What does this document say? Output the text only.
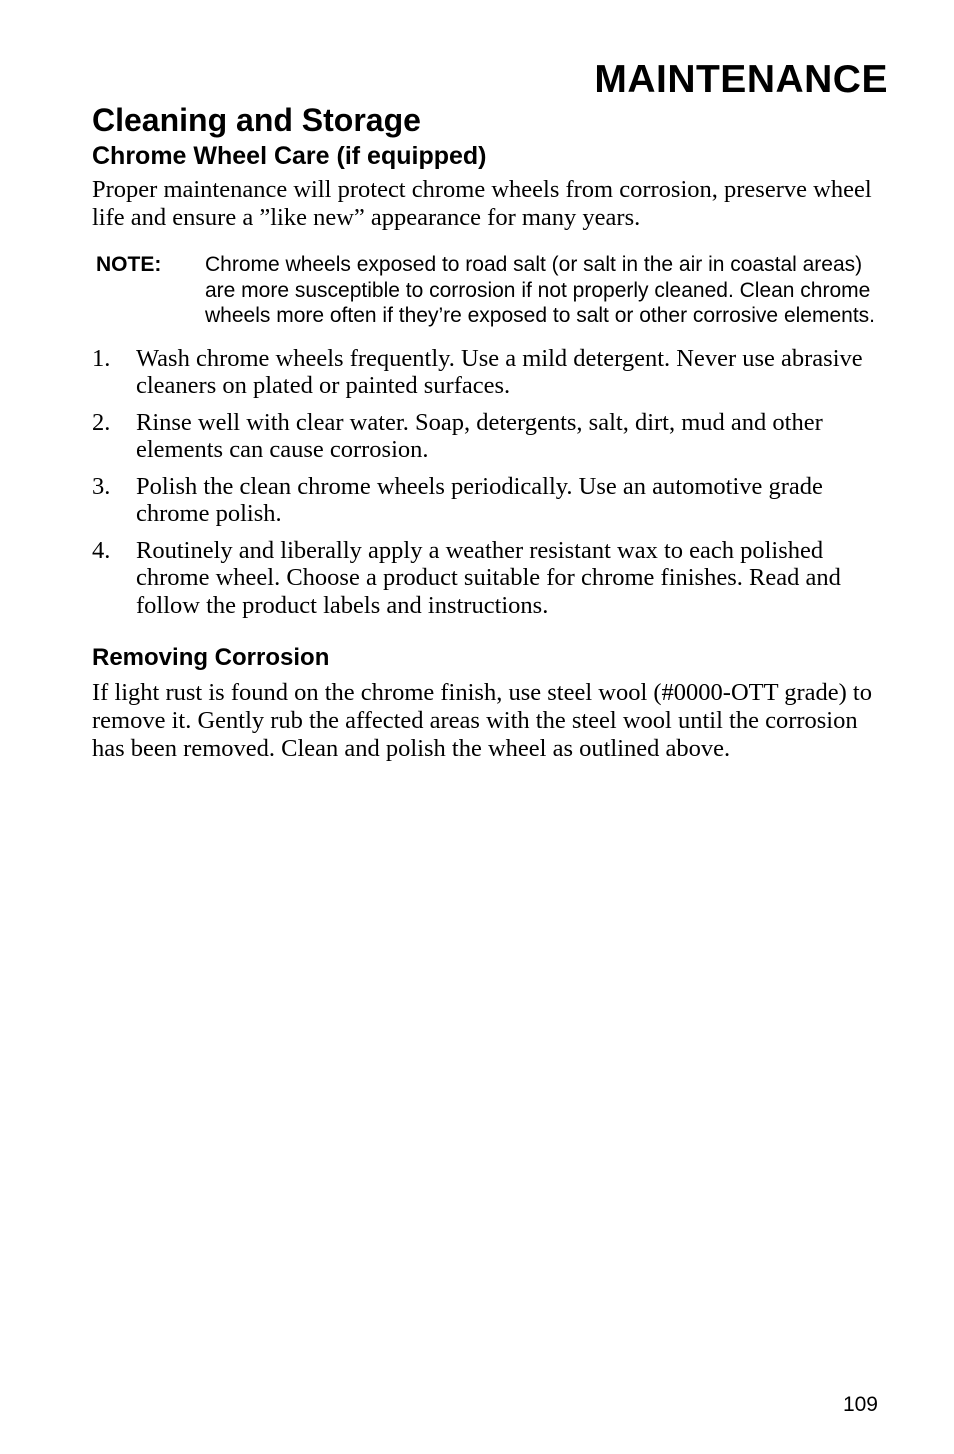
MAINTENANCE
Cleaning and Storage
Chrome Wheel Care (if equipped)

Proper maintenance will protect chrome wheels from corrosion, preserve wheel life and ensure a ”like new” appearance for many years.

NOTE:	Chrome wheels exposed to road salt (or salt in the air in coastal areas) are more susceptible to corrosion if not properly cleaned. Clean chrome wheels more often if they’re exposed to salt or other corrosive elements.
1.	Wash chrome wheels frequently. Use a mild detergent. Never use abrasive cleaners on plated or painted surfaces.
2.	Rinse well with clear water. Soap, detergents, salt, dirt, mud and other elements can cause corrosion.
3.	Polish the clean chrome wheels periodically. Use an automotive grade chrome polish.
4.	Routinely and liberally apply a weather resistant wax to each polished chrome wheel. Choose a product suitable for chrome finishes. Read and follow the product labels and instructions.
Removing Corrosion

If light rust is found on the chrome finish, use steel wool (#0000-OTT grade) to remove it. Gently rub the affected areas with the steel wool until the corrosion has been removed. Clean and polish the wheel as outlined above.

109
